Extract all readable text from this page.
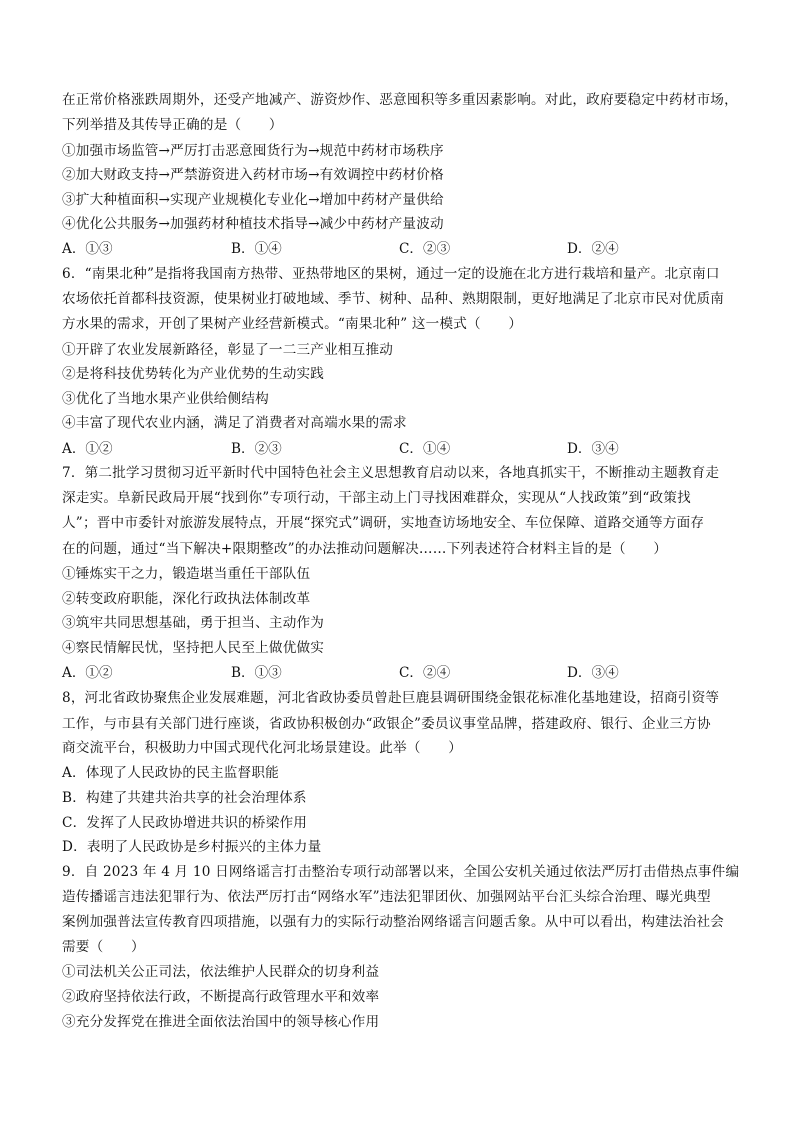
在正常价格涨跌周期外，还受产地减产、游资炒作、恶意囤积等多重因素影响。对此，政府要稳定中药材市场，
下列举措及其传导正确的是（　　）
①加强市场监管→严厉打击恶意囤货行为→规范中药材市场秩序
②加大财政支持→严禁游资进入药材市场→有效调控中药材价格
③扩大种植面积→实现产业规模化专业化→增加中药材产量供给
④优化公共服务→加强药材种植技术指导→减少中药材产量波动
A．①③	B．①④	C．②③	D．②④
6．“南果北种”是指将我国南方热带、亚热带地区的果树，通过一定的设施在北方进行栽培和量产。北京南口
农场依托首都科技资源，使果树业打破地域、季节、树种、品种、熟期限制，更好地满足了北京市民对优质南
方水果的需求，开创了果树产业经营新模式。“南果北种” 这一模式（　　）
①开辟了农业发展新路径，彰显了一二三产业相互推动
②是将科技优势转化为产业优势的生动实践
③优化了当地水果产业供给侧结构
④丰富了现代农业内涵，满足了消费者对高端水果的需求
A．①②	B．②③	C．①④	D．③④
7．第二批学习贯彻习近平新时代中国特色社会主义思想教育启动以来，各地真抓实干，不断推动主题教育走
深走实。阜新民政局开展“找到你”专项行动，干部主动上门寻找困难群众，实现从“人找政策”到“政策找
人”；晋中市委针对旅游发展特点，开展“探究式”调研，实地查访场地安全、车位保障、道路交通等方面存
在的问题，通过“当下解决+限期整改”的办法推动问题解决……下列表述符合材料主旨的是（　　）
①锤炼实干之力，锻造堪当重任干部队伍
②转变政府职能，深化行政执法体制改革
③筑牢共同思想基础，勇于担当、主动作为
④察民情解民忧，坚持把人民至上做优做实
A．①②	B．①③	C．②④	D．③④
8，河北省政协聚焦企业发展难题，河北省政协委员曾赴巨鹿县调研围绕金银花标准化基地建设，招商引资等
工作，与市县有关部门进行座谈，省政协积极创办“政银企”委员议事堂品牌，搭建政府、银行、企业三方协
商交流平台，积极助力中国式现代化河北场景建设。此举（　　）
A．体现了人民政协的民主监督职能
B．构建了共建共治共享的社会治理体系
C．发挥了人民政协增进共识的桥梁作用
D．表明了人民政协是乡村振兴的主体力量
9．自 2023 年 4 月 10 日网络谣言打击整治专项行动部署以来，全国公安机关通过依法严厉打击借热点事件编
造传播谣言违法犯罪行为、依法严厉打击“网络水军”违法犯罪团伙、加强网站平台汇头综合治理、曝光典型
案例加强普法宣传教育四项措施，以强有力的实际行动整治网络谣言问题舌象。从中可以看出，构建法治社会
需要（　　）
①司法机关公正司法，依法维护人民群众的切身利益
②政府坚持依法行政，不断提高行政管理水平和效率
③充分发挥党在推进全面依法治国中的领导核心作用
